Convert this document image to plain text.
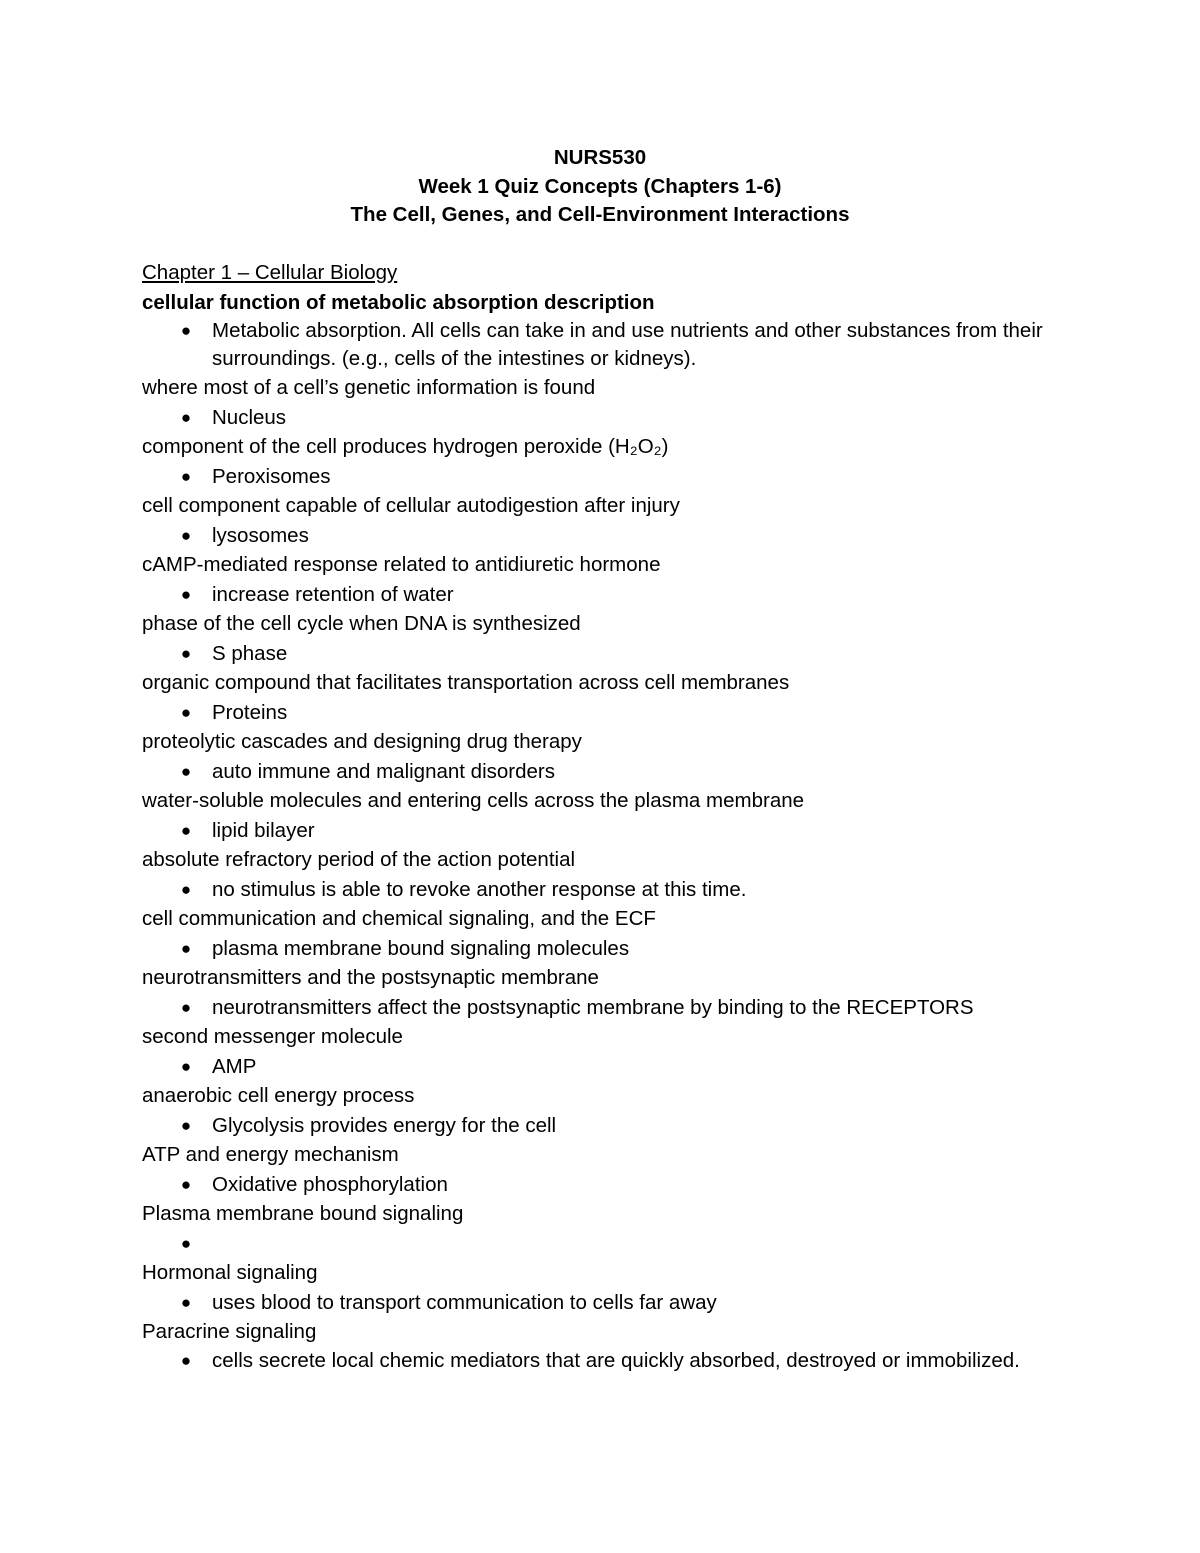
NURS530
Week 1 Quiz Concepts (Chapters 1-6)
The Cell, Genes, and Cell-Environment Interactions
Chapter 1 – Cellular Biology
cellular function of metabolic absorption description
● Metabolic absorption. All cells can take in and use nutrients and other substances from their surroundings. (e.g., cells of the intestines or kidneys).
where most of a cell’s genetic information is found
● Nucleus
component of the cell produces hydrogen peroxide (H₂O₂)
● Peroxisomes
cell component capable of cellular autodigestion after injury
● lysosomes
cAMP-mediated response related to antidiuretic hormone
● increase retention of water
phase of the cell cycle when DNA is synthesized
● S phase
organic compound that facilitates transportation across cell membranes
● Proteins
proteolytic cascades and designing drug therapy
● auto immune and malignant disorders
water-soluble molecules and entering cells across the plasma membrane
● lipid bilayer
absolute refractory period of the action potential
● no stimulus is able to revoke another response at this time.
cell communication and chemical signaling, and the ECF
● plasma membrane bound signaling molecules
neurotransmitters and the postsynaptic membrane
● neurotransmitters affect the postsynaptic membrane by binding to the RECEPTORS
second messenger molecule
● AMP
anaerobic cell energy process
● Glycolysis provides energy for the cell
ATP and energy mechanism
● Oxidative phosphorylation
Plasma membrane bound signaling
●
Hormonal signaling
● uses blood to transport communication to cells far away
Paracrine signaling
● cells secrete local chemic mediators that are quickly absorbed, destroyed or immobilized.
